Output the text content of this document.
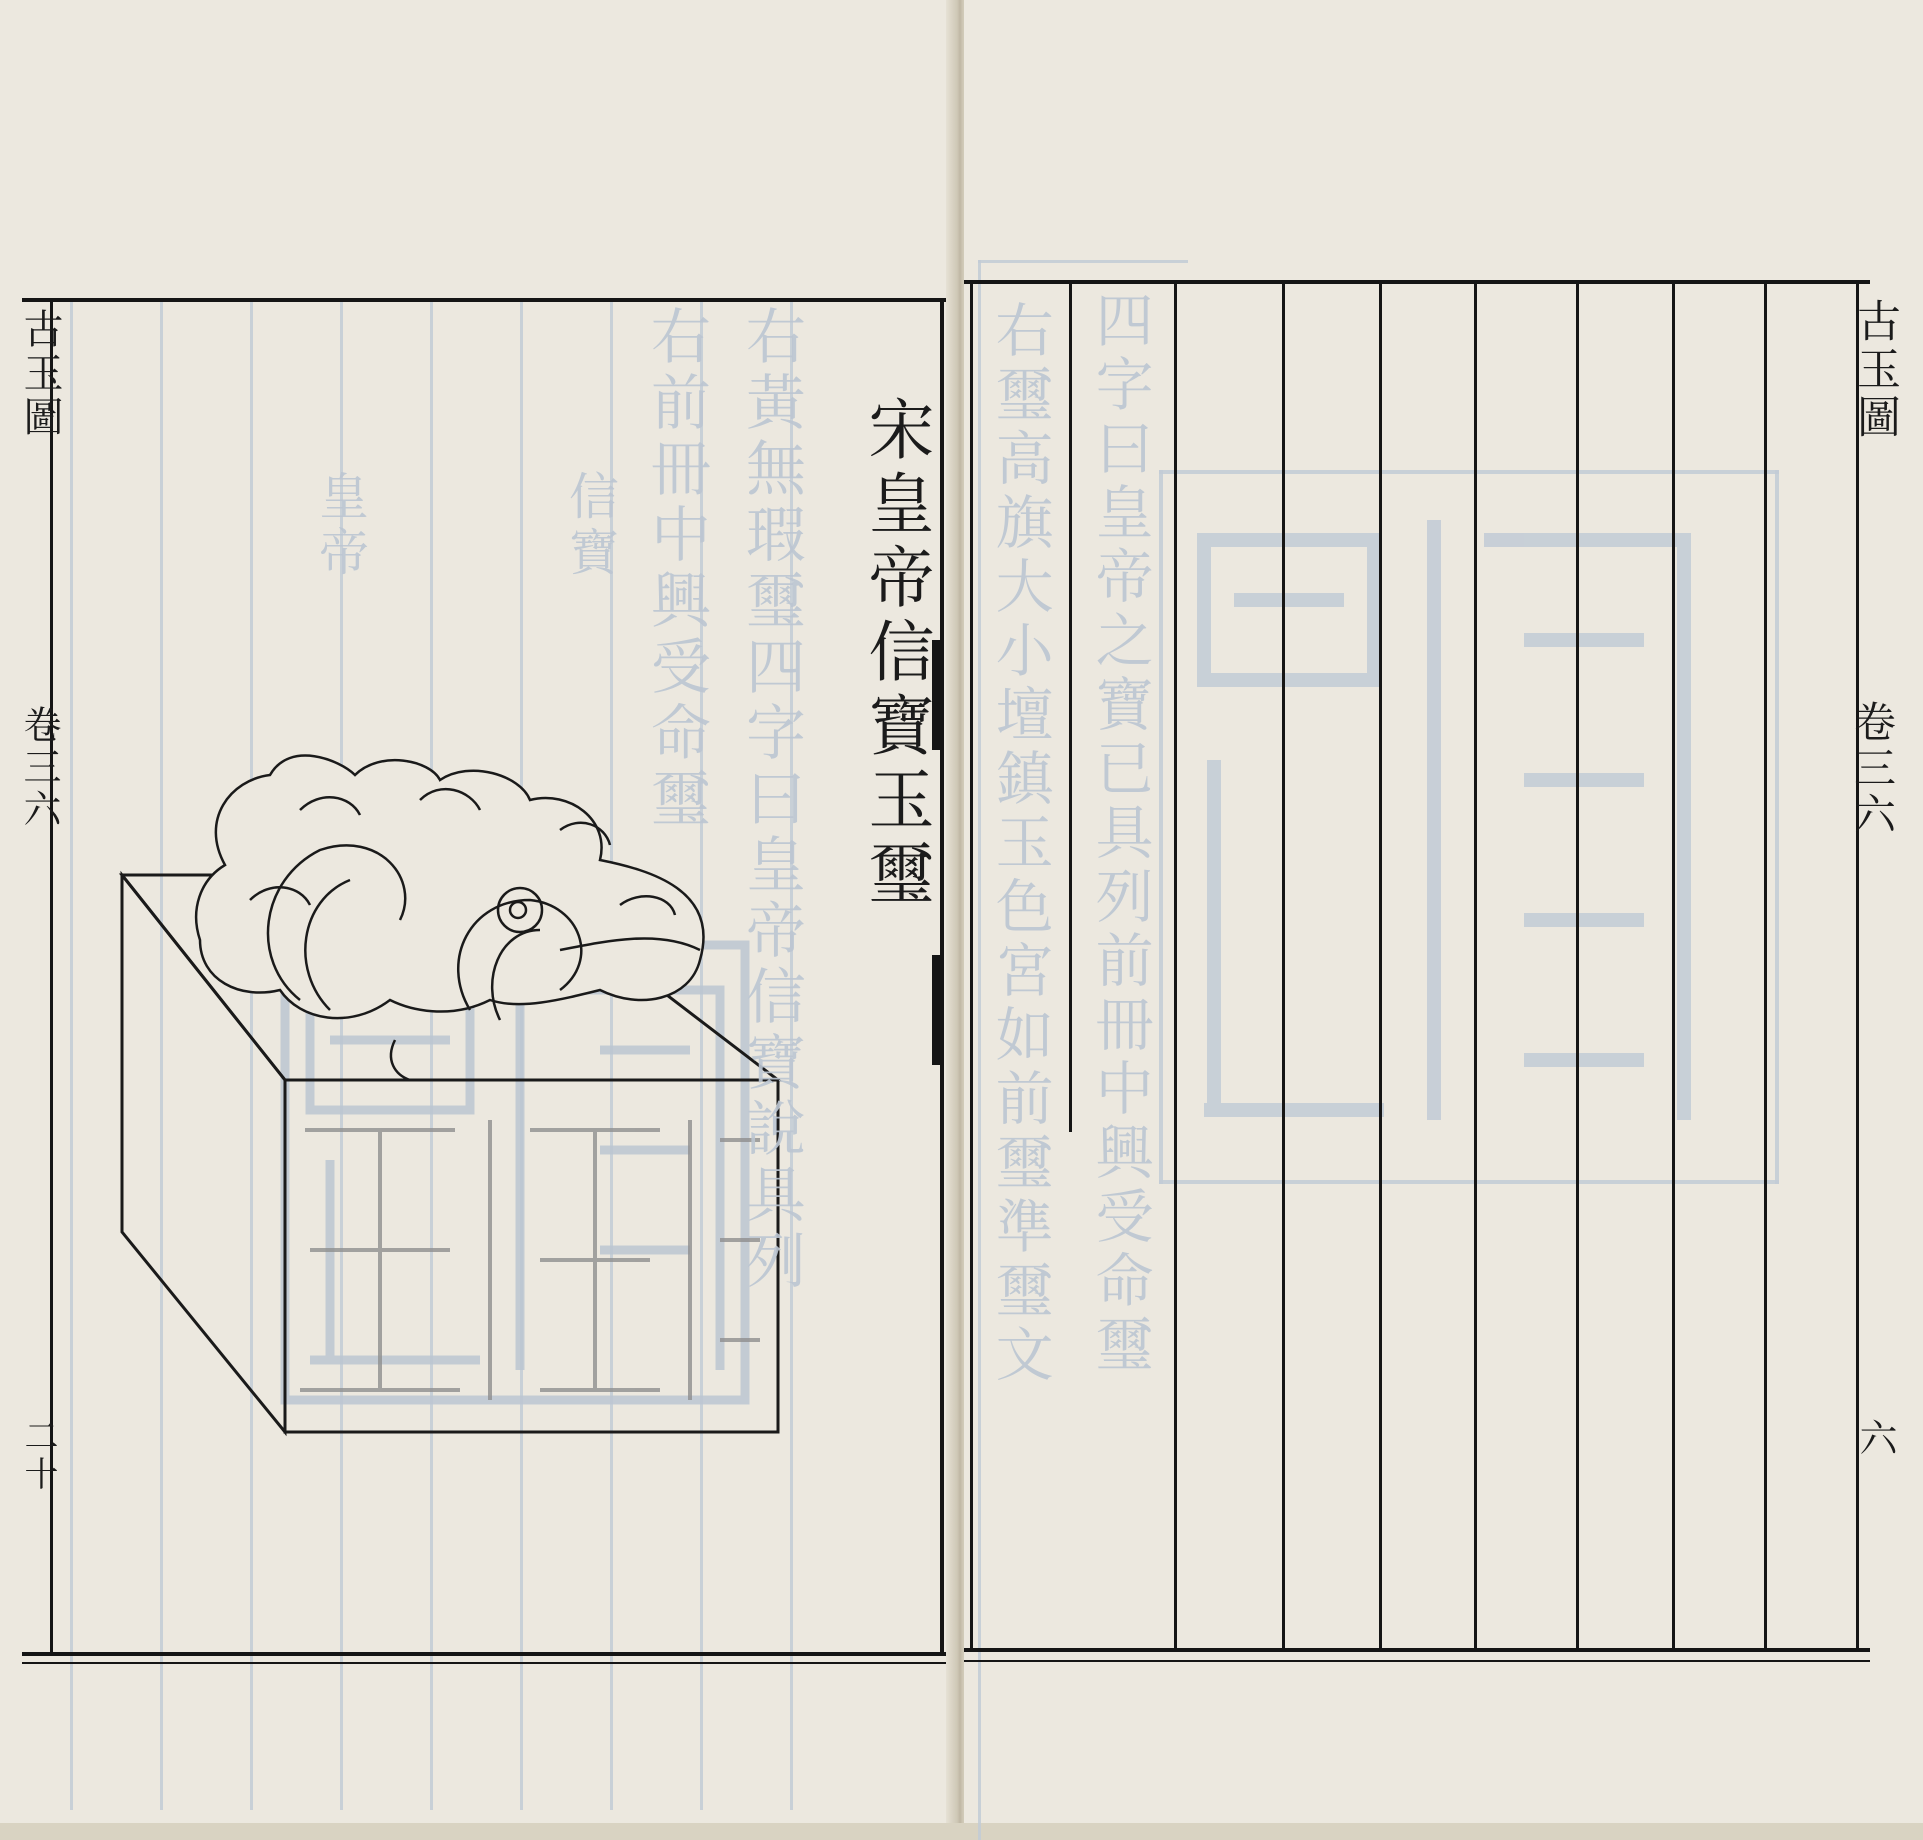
古玉圖
卷三六
二十
宋皇帝信寶玉璽
皇帝	信寶 右前冊中興受命璽 右黃無瑕璽四字曰皇帝信寶說具列	右璽高旗大小壇鎮玉色宮如前璽準璽文 四字曰皇帝之寶已具列前冊中興受命璽	古玉圖
卷三六
六
